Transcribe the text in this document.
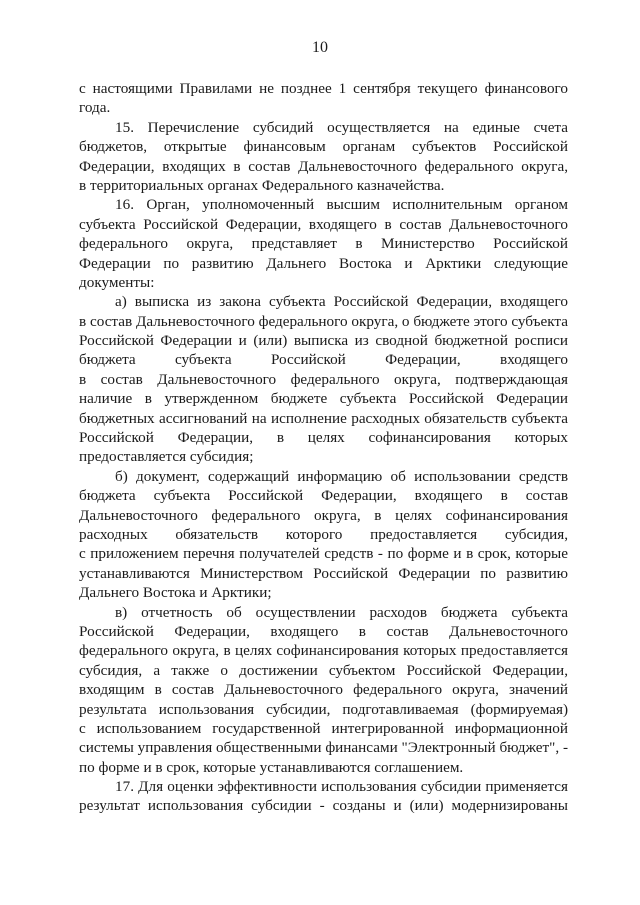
10
с настоящими Правилами не позднее 1 сентября текущего финансового
года.
15. Перечисление субсидий осуществляется на единые счета
бюджетов, открытые финансовым органам субъектов Российской
Федерации, входящих в состав Дальневосточного федерального округа,
в территориальных органах Федерального казначейства.
16. Орган, уполномоченный высшим исполнительным органом
субъекта Российской Федерации, входящего в состав Дальневосточного
федерального округа, представляет в Министерство Российской
Федерации по развитию Дальнего Востока и Арктики следующие
документы:
а) выписка из закона субъекта Российской Федерации, входящего
в состав Дальневосточного федерального округа, о бюджете этого субъекта
Российской Федерации и (или) выписка из сводной бюджетной росписи
бюджета субъекта Российской Федерации, входящего
в состав Дальневосточного федерального округа, подтверждающая
наличие в утвержденном бюджете субъекта Российской Федерации
бюджетных ассигнований на исполнение расходных обязательств субъекта
Российской Федерации, в целях софинансирования которых
предоставляется субсидия;
б) документ, содержащий информацию об использовании средств
бюджета субъекта Российской Федерации, входящего в состав
Дальневосточного федерального округа, в целях софинансирования
расходных обязательств которого предоставляется субсидия,
с приложением перечня получателей средств - по форме и в срок, которые
устанавливаются Министерством Российской Федерации по развитию
Дальнего Востока и Арктики;
в) отчетность об осуществлении расходов бюджета субъекта
Российской Федерации, входящего в состав Дальневосточного
федерального округа, в целях софинансирования которых предоставляется
субсидия, а также о достижении субъектом Российской Федерации,
входящим в состав Дальневосточного федерального округа, значений
результата использования субсидии, подготавливаемая (формируемая)
с использованием государственной интегрированной информационной
системы управления общественными финансами "Электронный бюджет", -
по форме и в срок, которые устанавливаются соглашением.
17. Для оценки эффективности использования субсидии применяется
результат использования субсидии - созданы и (или) модернизированы
